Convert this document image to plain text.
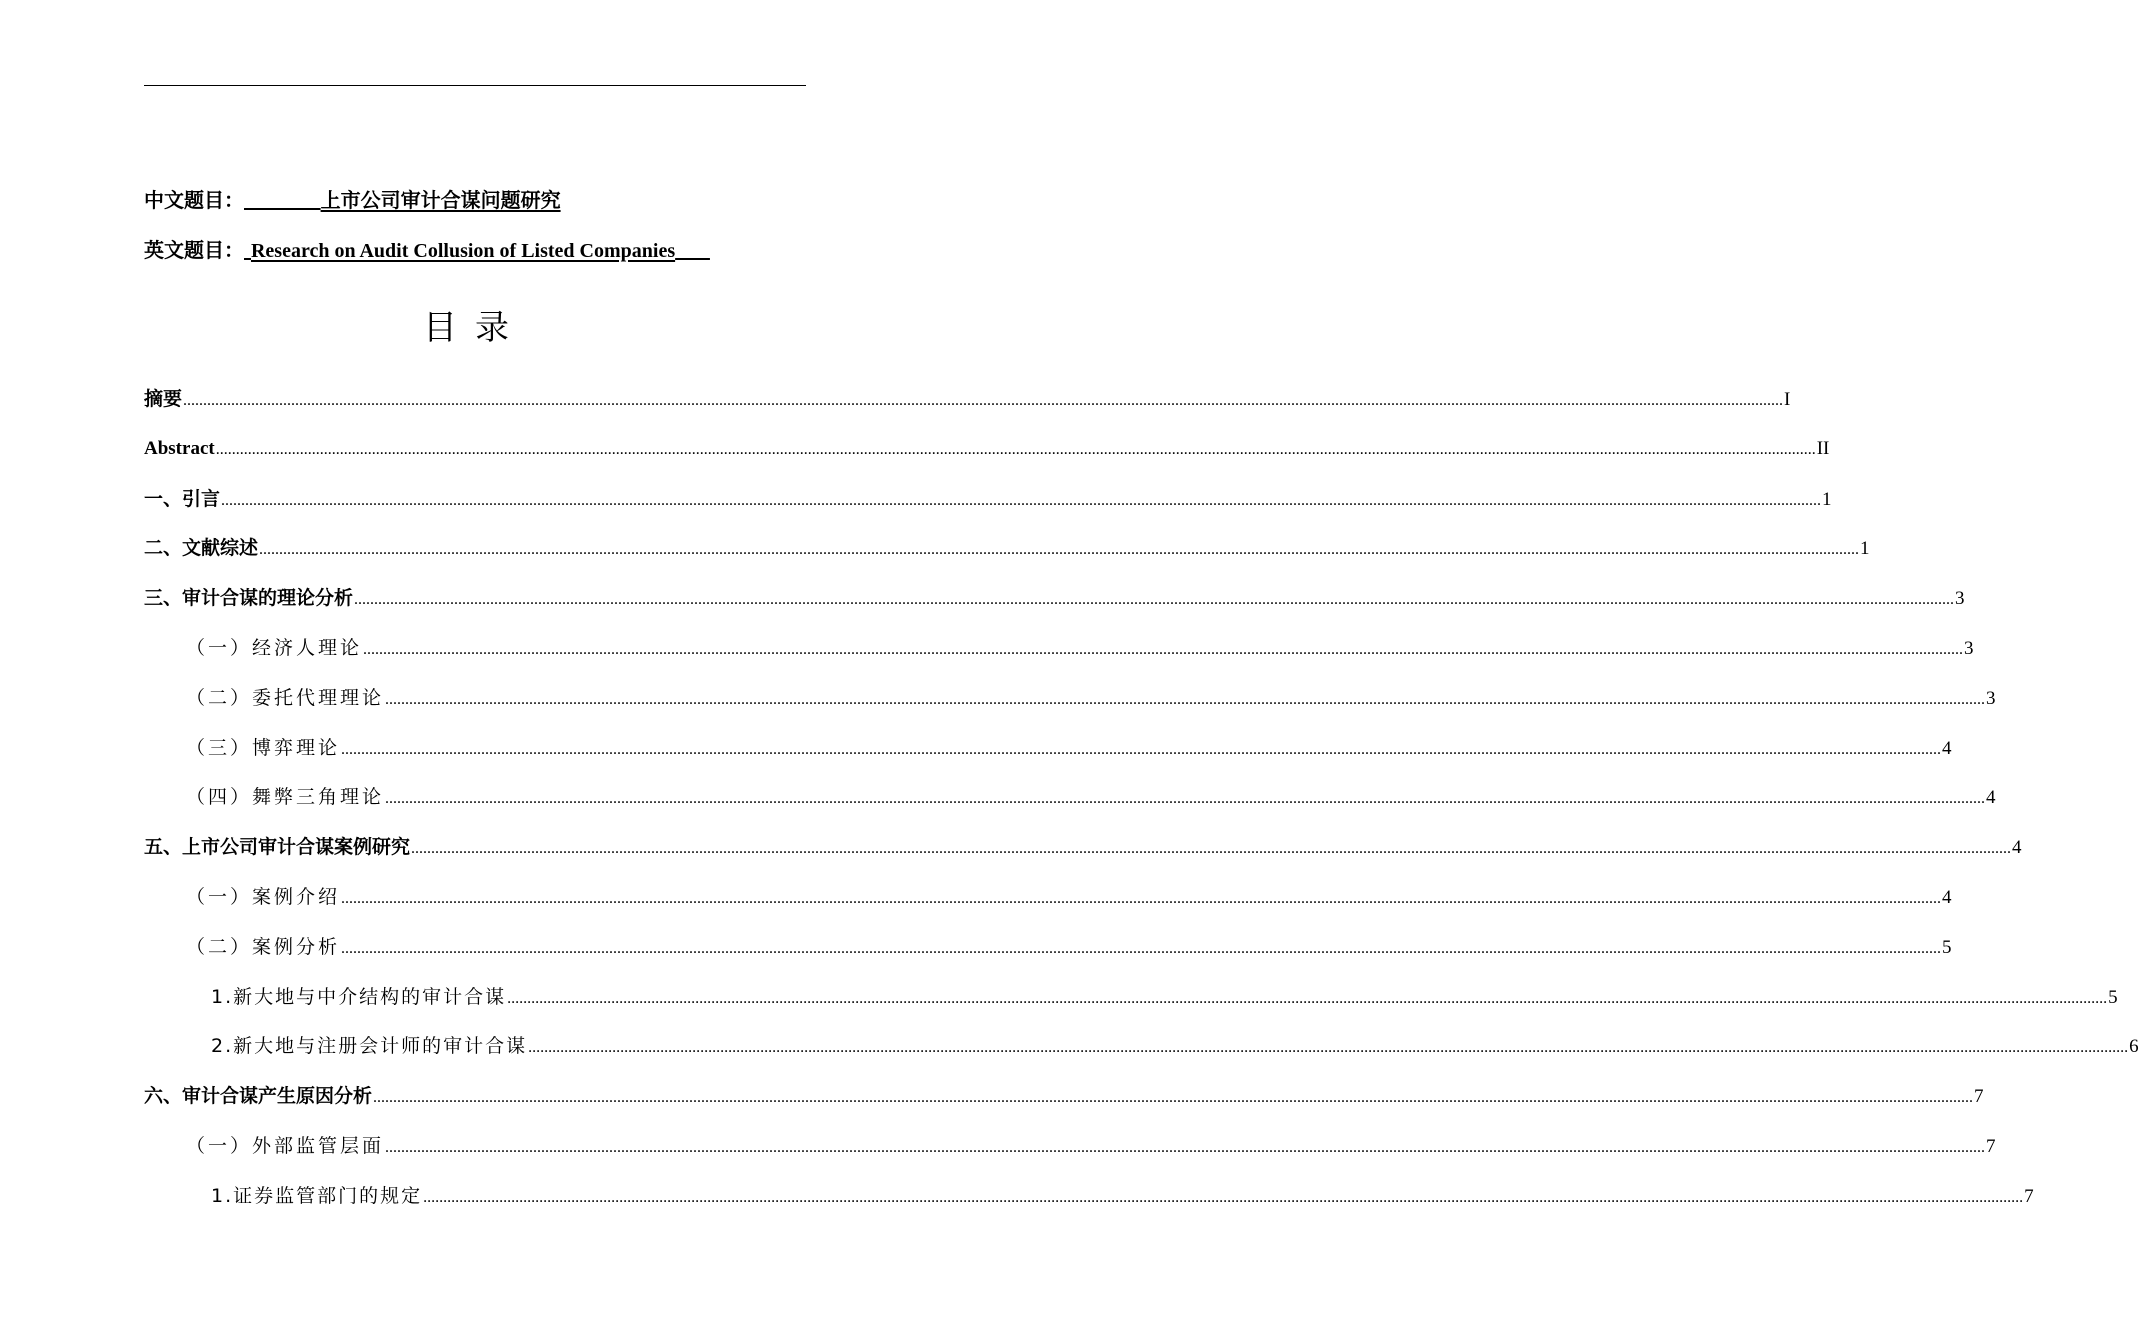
中文题目：	上市公司审计合谋问题研究
英文题目： Research on Audit Collusion of Listed Companies
目录
摘要 ................................................................................................................................................................................................................................................................................................................................................................................................................ I
Abstract ................................................................................................................................................................................................................................................................................................................................................................................................................ II
一、引言 ................................................................................................................................................................................................................................................................................................................................................................................................................ 1
二、文献综述 ................................................................................................................................................................................................................................................................................................................................................................................................................ 1
三、审计合谋的理论分析 ................................................................................................................................................................................................................................................................................................................................................................................................................ 3
（一）经济人理论 ................................................................................................................................................................................................................................................................................................................................................................................................................ 3
（二）委托代理理论 ................................................................................................................................................................................................................................................................................................................................................................................................................ 3
（三）博弈理论 ................................................................................................................................................................................................................................................................................................................................................................................................................ 4
（四）舞弊三角理论 ................................................................................................................................................................................................................................................................................................................................................................................................................ 4
五、上市公司审计合谋案例研究 ................................................................................................................................................................................................................................................................................................................................................................................................................ 4
（一）案例介绍 ................................................................................................................................................................................................................................................................................................................................................................................................................ 4
（二）案例分析 ................................................................................................................................................................................................................................................................................................................................................................................................................ 5
1.新大地与中介结构的审计合谋 ................................................................................................................................................................................................................................................................................................................................................................................................................ 5
2.新大地与注册会计师的审计合谋 ................................................................................................................................................................................................................................................................................................................................................................................................................ 6
六、审计合谋产生原因分析 ................................................................................................................................................................................................................................................................................................................................................................................................................ 7
（一）外部监管层面 ................................................................................................................................................................................................................................................................................................................................................................................................................ 7
1.证券监管部门的规定 ................................................................................................................................................................................................................................................................................................................................................................................................................ 7
